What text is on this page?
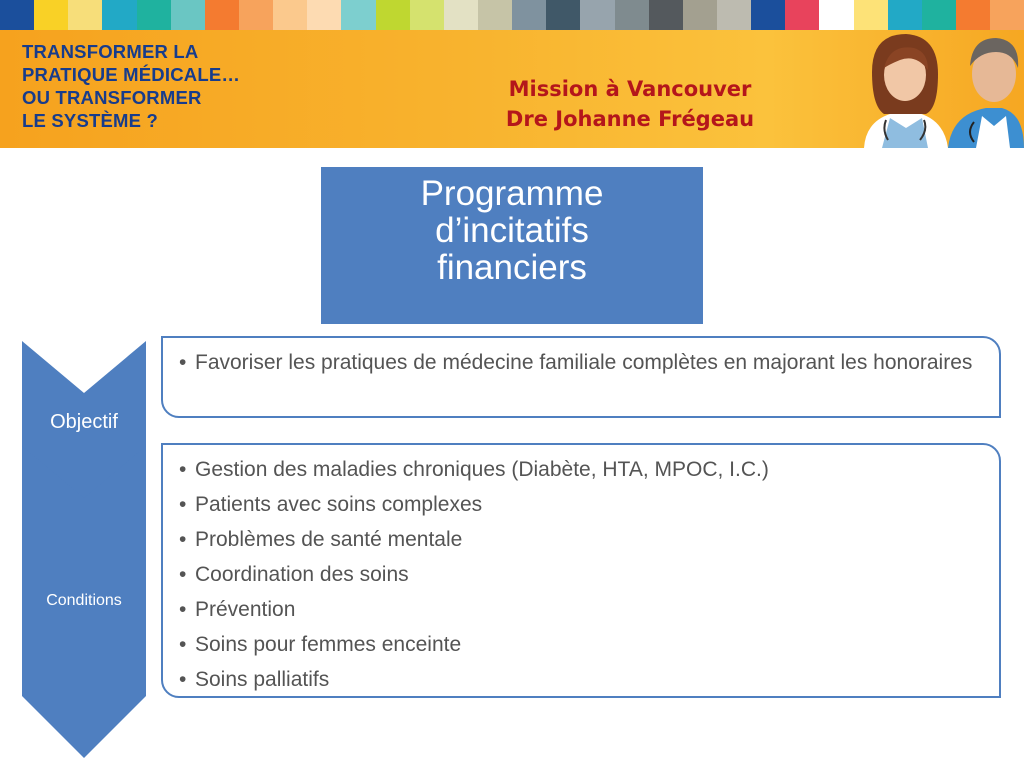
TRANSFORMER LA
PRATIQUE MÉDICALE…
OU TRANSFORMER
LE SYSTÈME ?
Mission à Vancouver
Dre Johanne Frégeau
Programme
d’incitatifs
financiers
Objectif
Conditions
• Favoriser les pratiques de médecine familiale complètes en majorant les honoraires
• Gestion des maladies chroniques (Diabète, HTA, MPOC, I.C.)
• Patients avec soins complexes
• Problèmes de santé mentale
• Coordination des soins
• Prévention
• Soins pour femmes enceinte
• Soins palliatifs
